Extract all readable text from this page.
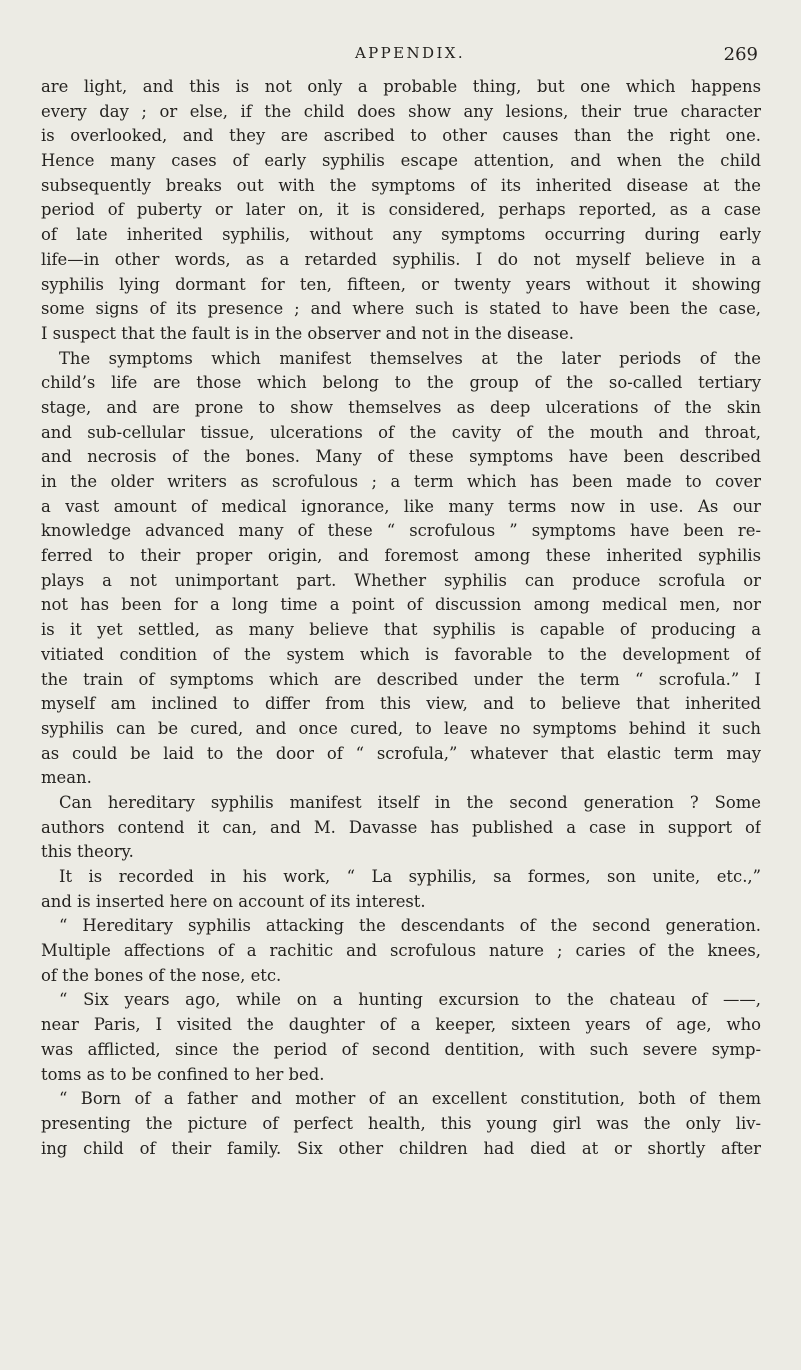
APPENDIX.	269
are light, and this is not only a probable thing, but one which happens
every day ; or else, if the child does show any lesions, their true character
is overlooked, and they are ascribed to other causes than the right one.
Hence many cases of early syphilis escape attention, and when the child
subsequently breaks out with the symptoms of its inherited disease at the
period of puberty or later on, it is considered, perhaps reported, as a case
of late inherited syphilis, without any symptoms occurring during early
life—in other words, as a retarded syphilis. I do not myself believe in a
syphilis lying dormant for ten, fifteen, or twenty years without it showing
some signs of its presence ; and where such is stated to have been the case,
I suspect that the fault is in the observer and not in the disease.
The symptoms which manifest themselves at the later periods of the
child’s life are those which belong to the group of the so-called tertiary
stage, and are prone to show themselves as deep ulcerations of the skin
and sub-cellular tissue, ulcerations of the cavity of the mouth and throat,
and necrosis of the bones. Many of these symptoms have been described
in the older writers as scrofulous ; a term which has been made to cover
a vast amount of medical ignorance, like many terms now in use. As our
knowledge advanced many of these “ scrofulous ” symptoms have been re-
ferred to their proper origin, and foremost among these inherited syphilis
plays a not unimportant part. Whether syphilis can produce scrofula or
not has been for a long time a point of discussion among medical men, nor
is it yet settled, as many believe that syphilis is capable of producing a
vitiated condition of the system which is favorable to the development of
the train of symptoms which are described under the term “ scrofula.” I
myself am inclined to differ from this view, and to believe that inherited
syphilis can be cured, and once cured, to leave no symptoms behind it such
as could be laid to the door of “ scrofula,” whatever that elastic term may
mean.
Can hereditary syphilis manifest itself in the second generation ? Some
authors contend it can, and M. Davasse has published a case in support of
this theory.
It is recorded in his work, “ La syphilis, sa formes, son unite, etc.,”
and is inserted here on account of its interest.
“ Hereditary syphilis attacking the descendants of the second generation.
Multiple affections of a rachitic and scrofulous nature ; caries of the knees,
of the bones of the nose, etc.
“ Six years ago, while on a hunting excursion to the chateau of ——,
near Paris, I visited the daughter of a keeper, sixteen years of age, who
was afflicted, since the period of second dentition, with such severe symp-
toms as to be confined to her bed.
“ Born of a father and mother of an excellent constitution, both of them
presenting the picture of perfect health, this young girl was the only liv-
ing child of their family. Six other children had died at or shortly after
